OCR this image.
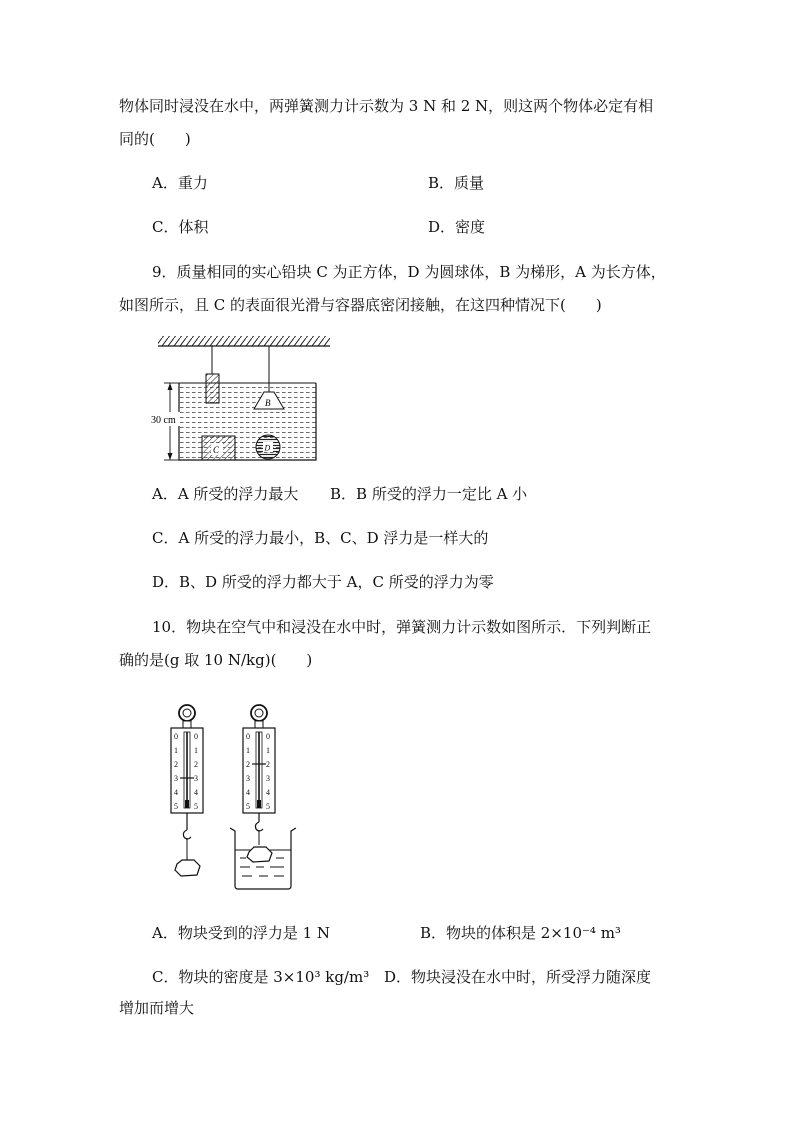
物体同时浸没在水中，两弹簧测力计示数为 3 N 和 2 N，则这两个物体必定有相
同的(　　)
A．重力	B．质量
C．体积	D．密度
9．质量相同的实心铅块 C 为正方体，D 为圆球体，B 为梯形，A 为长方体，
如图所示，且 C 的表面很光滑与容器底密闭接触，在这四种情况下(　　)
30 cm
B
C	D
A．A 所受的浮力最大 B．B 所受的浮力一定比 A 小
C．A 所受的浮力最小，B、C、D 浮力是一样大的
D．B、D 所受的浮力都大于 A，C 所受的浮力为零
10．物块在空气中和浸没在水中时，弹簧测力计示数如图所示．下列判断正
确的是(g 取 10 N/kg)(　　)
0 0
1 1
2 2
3 3
4 4
5 5
0 0
1 1
2 2
3 3
4 4
5 5
A．物块受到的浮力是 1 N	B．物块的体积是 2×10⁻⁴ m³
C．物块的密度是 3×10³ kg/m³ D．物块浸没在水中时，所受浮力随深度
增加而增大
